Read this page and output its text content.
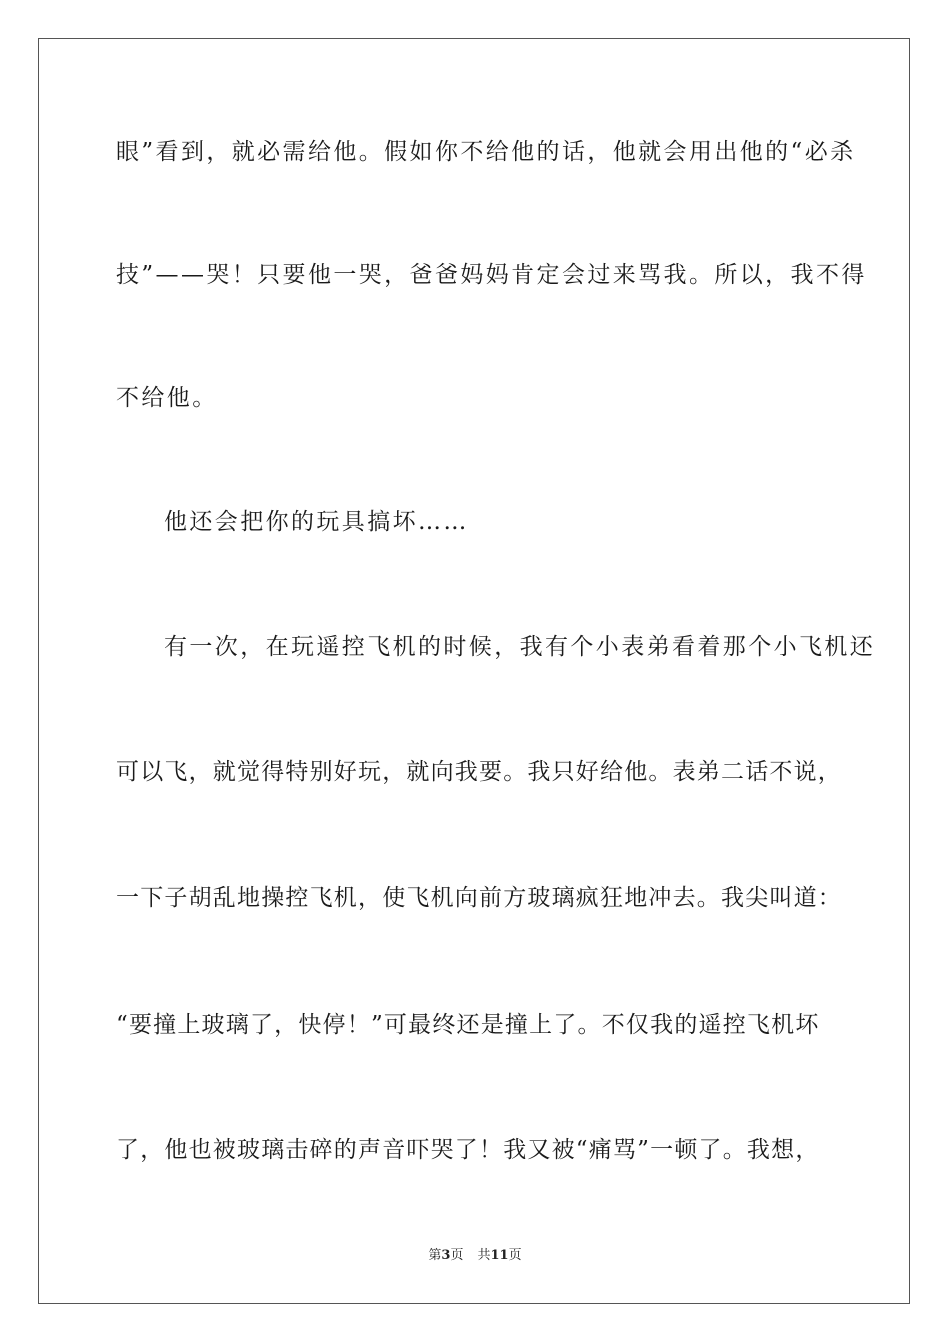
眼”看到，就必需给他。假如你不给他的话，他就会用出他的“必杀
技”——哭！只要他一哭，爸爸妈妈肯定会过来骂我。所以，我不得
不给他。
他还会把你的玩具搞坏……
有一次，在玩遥控飞机的时候，我有个小表弟看着那个小飞机还
可以飞，就觉得特别好玩，就向我要。我只好给他。表弟二话不说，
一下子胡乱地操控飞机，使飞机向前方玻璃疯狂地冲去。我尖叫道：
“要撞上玻璃了，快停！”可最终还是撞上了。不仅我的遥控飞机坏
了，他也被玻璃击碎的声音吓哭了！我又被“痛骂”一顿了。我想，
第3页 共11页
